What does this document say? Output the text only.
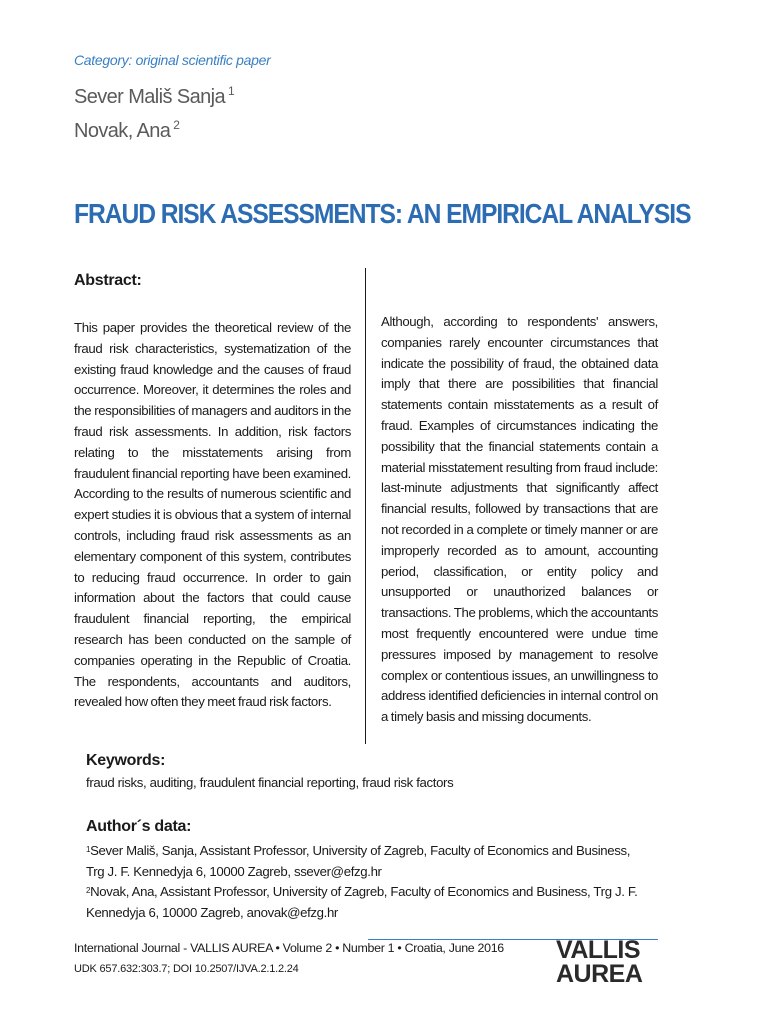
Category: original scientific paper
Sever Mališ Sanja $^1$
Novak, Ana $^2$
FRAUD RISK ASSESSMENTS: AN EMPIRICAL ANALYSIS
Abstract:
This paper provides the theoretical review of the fraud risk characteristics, systematization of the existing fraud knowledge and the causes of fraud occurrence. Moreover, it determines the roles and the responsibilities of managers and auditors in the fraud risk assessments. In addition, risk factors relating to the misstatements arising from fraudulent financial reporting have been examined. According to the results of numerous scientific and expert studies it is obvious that a system of internal controls, including fraud risk assessments as an elementary component of this system, contributes to reducing fraud occurrence. In order to gain information about the factors that could cause fraudulent financial reporting, the empirical research has been conducted on the sample of companies operating in the Republic of Croatia. The respondents, accountants and auditors, revealed how often they meet fraud risk factors.
Although, according to respondents' answers, companies rarely encounter circumstances that indicate the possibility of fraud, the obtained data imply that there are possibilities that financial statements contain misstatements as a result of fraud. Examples of circumstances indicating the possibility that the financial statements contain a material misstatement resulting from fraud include: last-minute adjustments that significantly affect financial results, followed by transactions that are not recorded in a complete or timely manner or are improperly recorded as to amount, accounting period, classification, or entity policy and unsupported or unauthorized balances or transactions. The problems, which the accountants most frequently encountered were undue time pressures imposed by management to resolve complex or contentious issues, an unwillingness to address identified deficiencies in internal control on a timely basis and missing documents.
Keywords:
fraud risks, auditing, fraudulent financial reporting, fraud risk factors
Author´s data:
$^1$Sever Mališ, Sanja, Assistant Professor, University of Zagreb, Faculty of Economics and Business, Trg J. F. Kennedyja 6, 10000 Zagreb, ssever@efzg.hr
$^2$Novak, Ana, Assistant Professor, University of Zagreb, Faculty of Economics and Business, Trg J. F. Kennedyja 6, 10000 Zagreb, anovak@efzg.hr
International Journal - VALLIS AUREA • Volume 2 • Number 1 • Croatia, June 2016
UDK 657.632:303.7; DOI 10.2507/IJVA.2.1.2.24
VALLIS
AUREA
